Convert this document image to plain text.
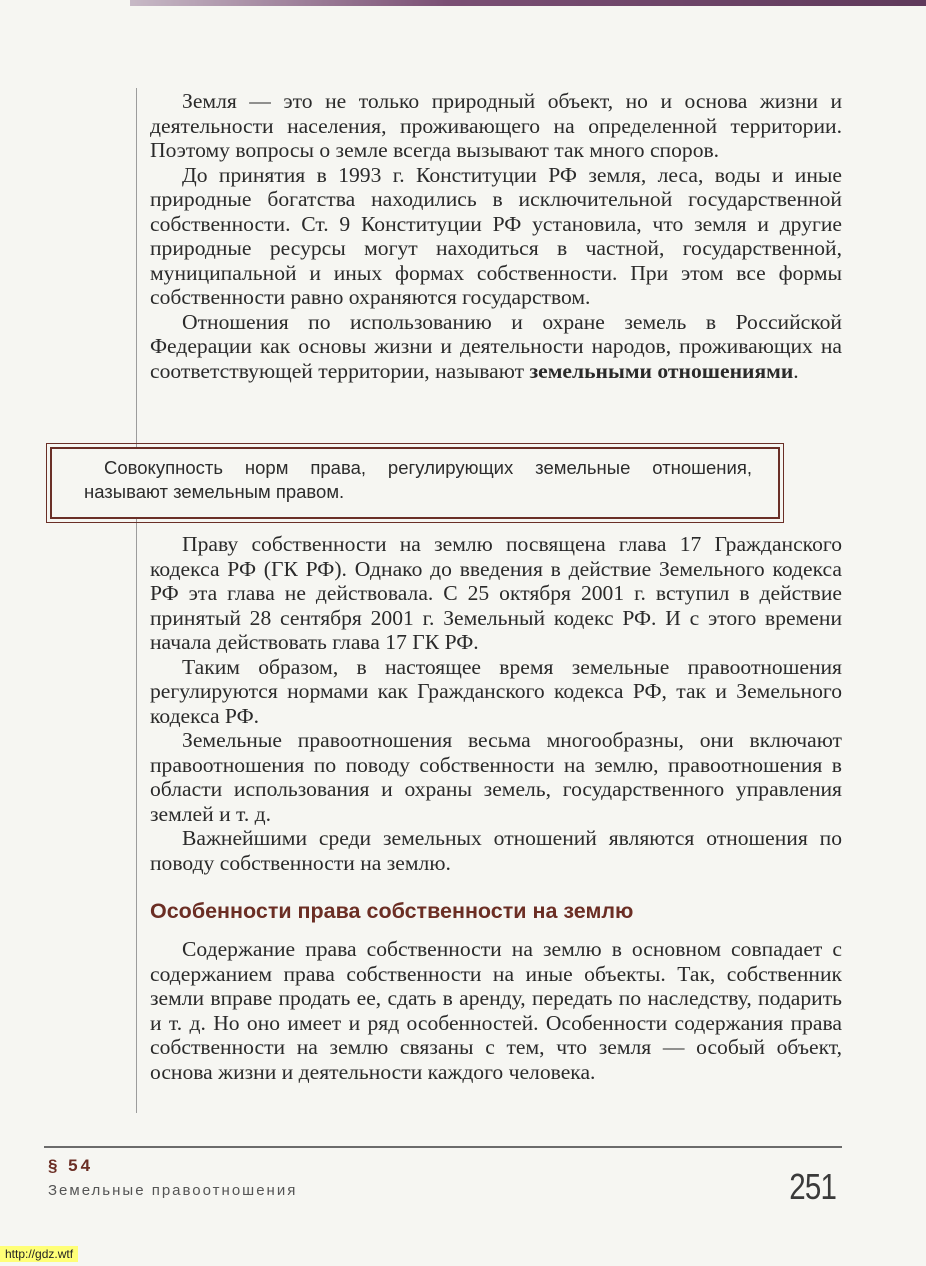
Земля — это не только природный объект, но и основа жизни и деятельности населения, проживающего на определенной территории. Поэтому вопросы о земле всегда вызывают так много споров.

До принятия в 1993 г. Конституции РФ земля, леса, воды и иные природные богатства находились в исключительной государственной собственности. Ст. 9 Конституции РФ установила, что земля и другие природные ресурсы могут находиться в частной, государственной, муниципальной и иных формах собственности. При этом все формы собственности равно охраняются государством.

Отношения по использованию и охране земель в Российской Федерации как основы жизни и деятельности народов, проживающих на соответствующей территории, называют земельными отношениями.

Совокупность норм права, регулирующих земельные отношения, называют земельным правом.

Праву собственности на землю посвящена глава 17 Гражданского кодекса РФ (ГК РФ). Однако до введения в действие Земельного кодекса РФ эта глава не действовала. С 25 октября 2001 г. вступил в действие принятый 28 сентября 2001 г. Земельный кодекс РФ. И с этого времени начала действовать глава 17 ГК РФ.

Таким образом, в настоящее время земельные правоотношения регулируются нормами как Гражданского кодекса РФ, так и Земельного кодекса РФ.

Земельные правоотношения весьма многообразны, они включают правоотношения по поводу собственности на землю, правоотношения в области использования и охраны земель, государственного управления землей и т. д.

Важнейшими среди земельных отношений являются отношения по поводу собственности на землю.

Особенности права собственности на землю

Содержание права собственности на землю в основном совпадает с содержанием права собственности на иные объекты. Так, собственник земли вправе продать ее, сдать в аренду, передать по наследству, подарить и т. д. Но оно имеет и ряд особенностей. Особенности содержания права собственности на землю связаны с тем, что земля — особый объект, основа жизни и деятельности каждого человека.

§ 54
Земельные правоотношения	251
http://gdz.wtf
